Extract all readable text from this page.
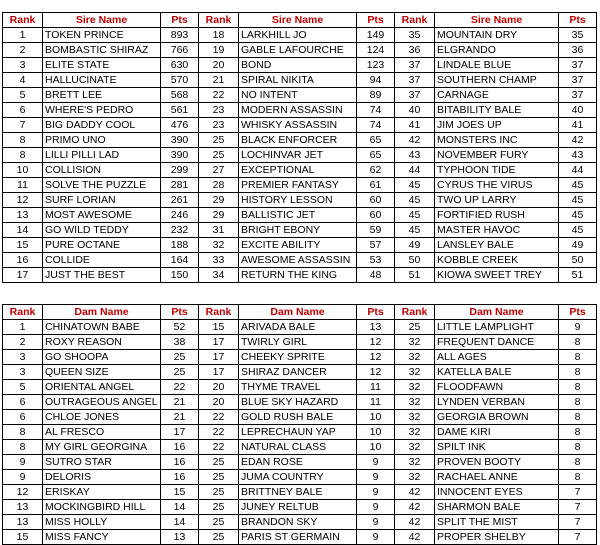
Rank	Sire Name	Pts	Rank	Sire Name	Pts	Rank	Sire Name	Pts
1	TOKEN PRINCE	893	18	LARKHILL JO	149	35	MOUNTAIN DRY	35
2	BOMBASTIC SHIRAZ	766	19	GABLE LAFOURCHE	124	36	ELGRANDO	36
3	ELITE STATE	630	20	BOND	123	37	LINDALE BLUE	37
4	HALLUCINATE	570	21	SPIRAL NIKITA	94	37	SOUTHERN CHAMP	37
5	BRETT LEE	568	22	NO INTENT	89	37	CARNAGE	37
6	WHERE'S PEDRO	561	23	MODERN ASSASSIN	74	40	BITABILITY BALE	40
7	BIG DADDY COOL	476	23	WHISKY ASSASSIN	74	41	JIM JOES UP	41
8	PRIMO UNO	390	25	BLACK ENFORCER	65	42	MONSTERS INC	42
8	LILLI PILLI LAD	390	25	LOCHINVAR JET	65	43	NOVEMBER FURY	43
10	COLLISION	299	27	EXCEPTIONAL	62	44	TYPHOON TIDE	44
11	SOLVE THE PUZZLE	281	28	PREMIER FANTASY	61	45	CYRUS THE VIRUS	45
12	SURF LORIAN	261	29	HISTORY LESSON	60	45	TWO UP LARRY	45
13	MOST AWESOME	246	29	BALLISTIC JET	60	45	FORTIFIED RUSH	45
14	GO WILD TEDDY	232	31	BRIGHT EBONY	59	45	MASTER HAVOC	45
15	PURE OCTANE	188	32	EXCITE ABILITY	57	49	LANSLEY BALE	49
16	COLLIDE	164	33	AWESOME ASSASSIN	53	50	KOBBLE CREEK	50
17	JUST THE BEST	150	34	RETURN THE KING	48	51	KIOWA SWEET TREY	51
Rank	Dam Name	Pts	Rank	Dam Name	Pts	Rank	Dam Name	Pts
1	CHINATOWN BABE	52	15	ARIVADA BALE	13	25	LITTLE LAMPLIGHT	9
2	ROXY REASON	38	17	TWIRLY GIRL	12	32	FREQUENT DANCE	8
3	GO SHOOPA	25	17	CHEEKY SPRITE	12	32	ALL AGES	8
3	QUEEN SIZE	25	17	SHIRAZ DANCER	12	32	KATELLA BALE	8
5	ORIENTAL ANGEL	22	20	THYME TRAVEL	11	32	FLOODFAWN	8
6	OUTRAGEOUS ANGEL	21	20	BLUE SKY HAZARD	11	32	LYNDEN VERBAN	8
6	CHLOE JONES	21	22	GOLD RUSH BALE	10	32	GEORGIA BROWN	8
8	AL FRESCO	17	22	LEPRECHAUN YAP	10	32	DAME KIRI	8
8	MY GIRL GEORGINA	16	22	NATURAL CLASS	10	32	SPILT INK	8
9	SUTRO STAR	16	25	EDAN ROSE	9	32	PROVEN BOOTY	8
9	DELORIS	16	25	JUMA COUNTRY	9	32	RACHAEL ANNE	8
12	ERISKAY	15	25	BRITTNEY BALE	9	42	INNOCENT EYES	7
13	MOCKINGBIRD HILL	14	25	JUNEY RELTUB	9	42	SHARMON BALE	7
13	MISS HOLLY	14	25	BRANDON SKY	9	42	SPLIT THE MIST	7
15	MISS FANCY	13	25	PARIS ST GERMAIN	9	42	PROPER SHELBY	7
